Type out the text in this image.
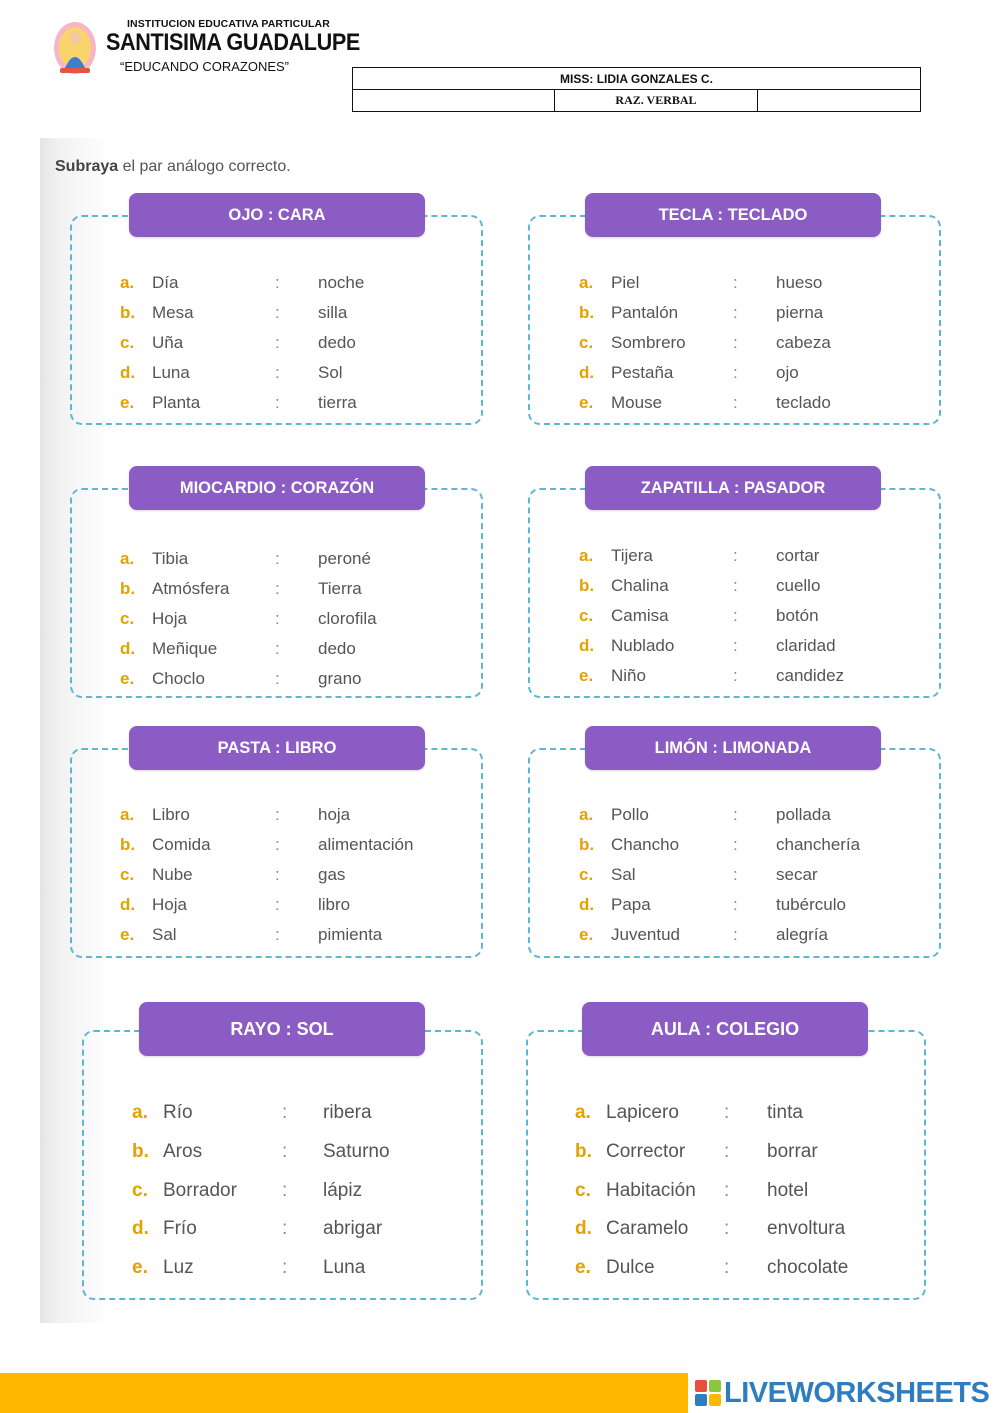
INSTITUCION EDUCATIVA PARTICULAR
SANTISIMA GUADALUPE
“EDUCANDO CORAZONES”
MISS: LIDIA GONZALES C.
	RAZ. VERBAL	
Subraya el par análogo correcto.
OJO : CARA
a. Día	: noche
b. Mesa	: silla
c. Uña	: dedo
d. Luna	: Sol
e. Planta	: tierra
TECLA : TECLADO
a. Piel	: hueso
b. Pantalón	: pierna
c. Sombrero	: cabeza
d. Pestaña	: ojo
e. Mouse	: teclado
MIOCARDIO : CORAZÓN
a. Tibia	: peroné
b. Atmósfera	: Tierra
c. Hoja	: clorofila
d. Meñique	: dedo
e. Choclo	: grano
ZAPATILLA : PASADOR
a. Tijera	: cortar
b. Chalina	: cuello
c. Camisa	: botón
d. Nublado	: claridad
e. Niño	: candidez
PASTA : LIBRO
a. Libro	: hoja
b. Comida	: alimentación
c. Nube	: gas
d. Hoja	: libro
e. Sal	: pimienta
LIMÓN : LIMONADA
a. Pollo	: pollada
b. Chancho	: chanchería
c. Sal	: secar
d. Papa	: tubérculo
e. Juventud	: alegría
RAYO : SOL
a. Río	: ribera
b. Aros	: Saturno
c. Borrador : lápiz
d. Frío	: abrigar
e. Luz	: Luna
AULA : COLEGIO
a. Lapicero : tinta
b. Corrector : borrar
c. Habitación : hotel
d. Caramelo : envoltura
e. Dulce	: chocolate
LIVEWORKSHEETS
